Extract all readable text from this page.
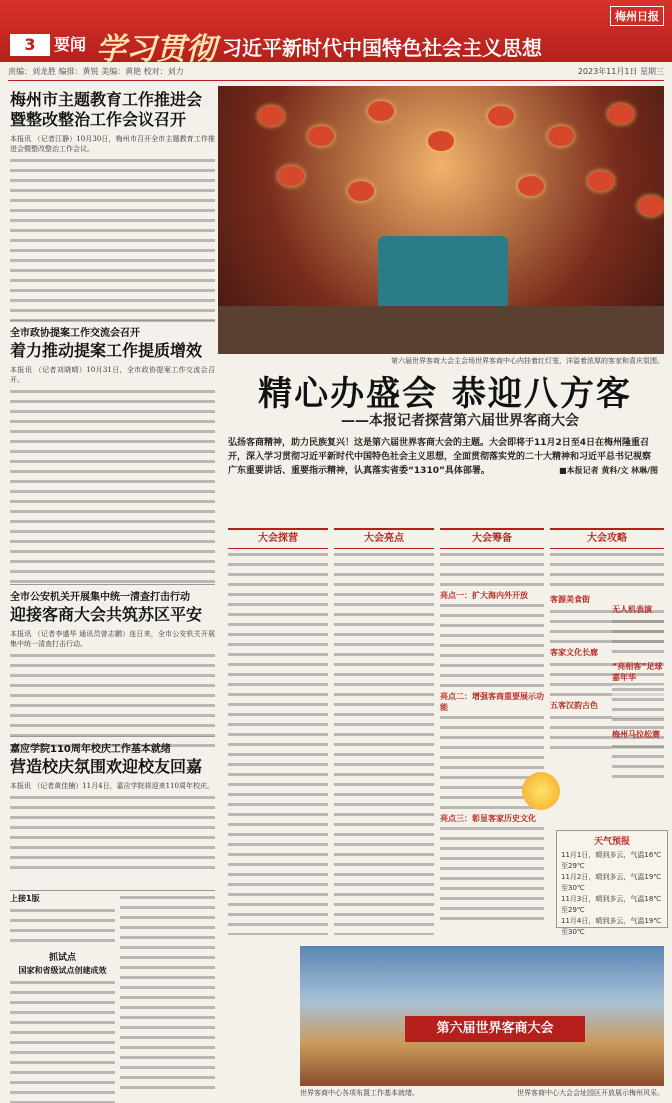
3	要闻 学习贯彻 习近平新时代中国特色社会主义思想
梅州日报
责编：刘龙胜 编排：黄锐 美编：黄艳 校对：刘力	2023年11月1日 星期三
梅州市主题教育工作推进会
暨整改整治工作会议召开
本报讯 （记者江静）10月30日，梅州市召开全市主题教育工作推进会暨整改整治工作会议。
全市政协提案工作交流会召开
着力推动提案工作提质增效
本报讯 （记者刘晓晴）10月31日，全市政协提案工作交流会召开。
全市公安机关开展集中统一清查打击行动
迎接客商大会共筑苏区平安
本报讯 （记者李盛华 通讯员曾志鹏）连日来，全市公安机关开展集中统一清查打击行动。
嘉应学院110周年校庆工作基本就绪
营造校庆氛围欢迎校友回嘉
本报讯 （记者黄佳楠）11月4日，嘉应学院将迎来110周年校庆。
上接1版
抓试点
国家和省级试点创建成效
第六届世界客商大会主会场世界客商中心内挂着红灯笼，洋溢着浓厚的客家和喜庆氛围。
精心办盛会 恭迎八方客
——本报记者探营第六届世界客商大会
弘扬客商精神，助力民族复兴！这是第六届世界客商大会的主题。大会即将于11月2日至4日在梅州隆重召开，深入学习贯彻习近平新时代中国特色社会主义思想，全面贯彻落实党的二十大精神和习近平总书记视察广东重要讲话、重要指示精神，认真落实省委“1310”具体部署。	■本报记者 黄科/文 林琳/图
大会探营	大会亮点	大会筹备
亮点一：扩大海内外开放
亮点二：增强客商重要展示功能
亮点三：彰显客家历史文化
大会攻略
客源美食街
客家文化长廊
五客汉韵古色
无人机表演
“亮相客”足球嘉年华
梅州马拉松赛
天气预报
11月1日，晴到多云，气温16℃至29℃
11月2日，晴到多云，气温19℃至30℃
11月3日，晴到多云，气温18℃至29℃
11月4日，晴到多云，气温19℃至30℃
第六届世界客商大会
世界客商中心各项布置工作基本就绪。	世界客商中心大会会址园区开放展示梅州风采。
